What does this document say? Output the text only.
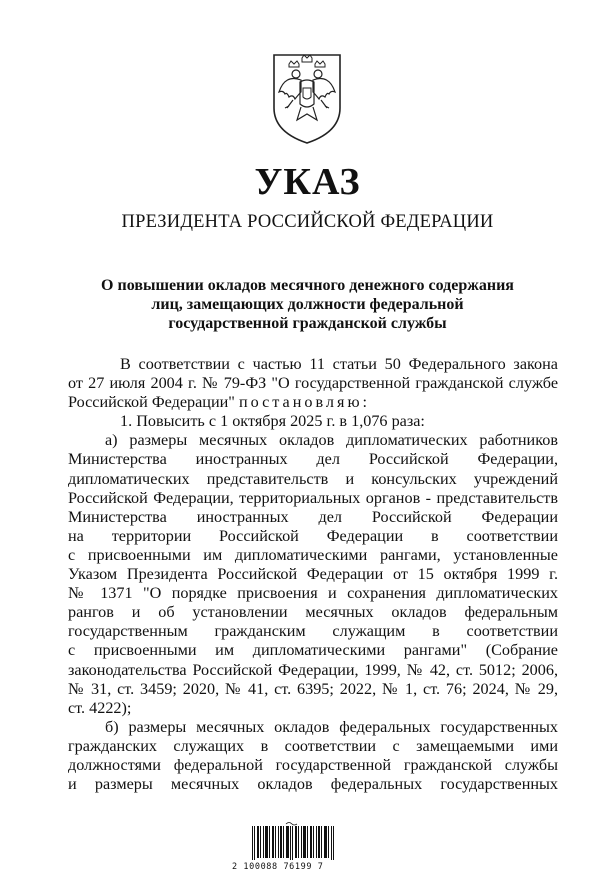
УКАЗ
ПРЕЗИДЕНТА РОССИЙСКОЙ ФЕДЕРАЦИИ
О повышении окладов месячного денежного содержания
лиц, замещающих должности федеральной
государственной гражданской службы
В соответствии с частью 11 статьи 50 Федерального закона
от 27 июля 2004 г. № 79-ФЗ "О государственной гражданской службе
Российской Федерации" постановляю:
1. Повысить с 1 октября 2025 г. в 1,076 раза:
а) размеры месячных окладов дипломатических работников
Министерства иностранных дел Российской Федерации,
дипломатических представительств и консульских учреждений
Российской Федерации, территориальных органов - представительств
Министерства иностранных дел Российской Федерации
на территории Российской Федерации в соответствии
с присвоенными им дипломатическими рангами, установленные
Указом Президента Российской Федерации от 15 октября 1999 г.
№ 1371 "О порядке присвоения и сохранения дипломатических
рангов и об установлении месячных окладов федеральным
государственным гражданским служащим в соответствии
с присвоенными им дипломатическими рангами" (Собрание
законодательства Российской Федерации, 1999, № 42, ст. 5012; 2006,
№ 31, ст. 3459; 2020, № 41, ст. 6395; 2022, № 1, ст. 76; 2024, № 29,
ст. 4222);
б) размеры месячных окладов федеральных государственных
гражданских служащих в соответствии с замещаемыми ими
должностями федеральной государственной гражданской службы
и размеры месячных окладов федеральных государственных
2 100088 76199 7
